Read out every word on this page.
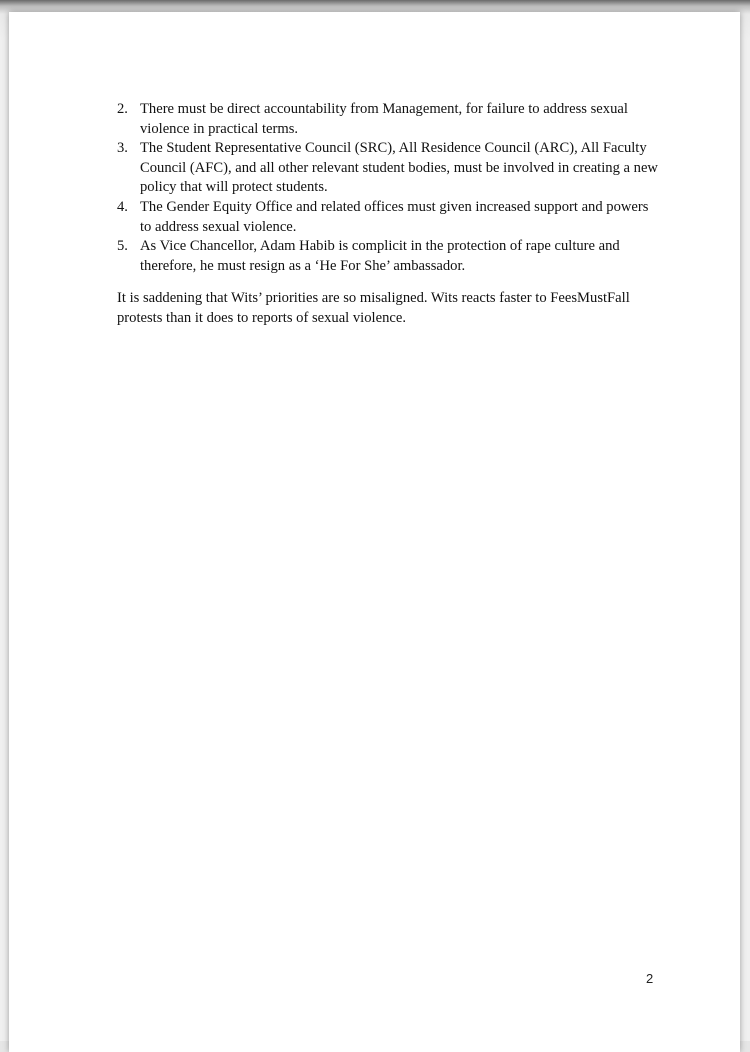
2. There must be direct accountability from Management, for failure to address sexual violence in practical terms.
3. The Student Representative Council (SRC), All Residence Council (ARC), All Faculty Council (AFC), and all other relevant student bodies, must be involved in creating a new policy that will protect students.
4. The Gender Equity Office and related offices must given increased support and powers to address sexual violence.
5. As Vice Chancellor, Adam Habib is complicit in the protection of rape culture and therefore, he must resign as a ‘He For She’ ambassador.

It is saddening that Wits’ priorities are so misaligned. Wits reacts faster to FeesMustFall protests than it does to reports of sexual violence.

2
